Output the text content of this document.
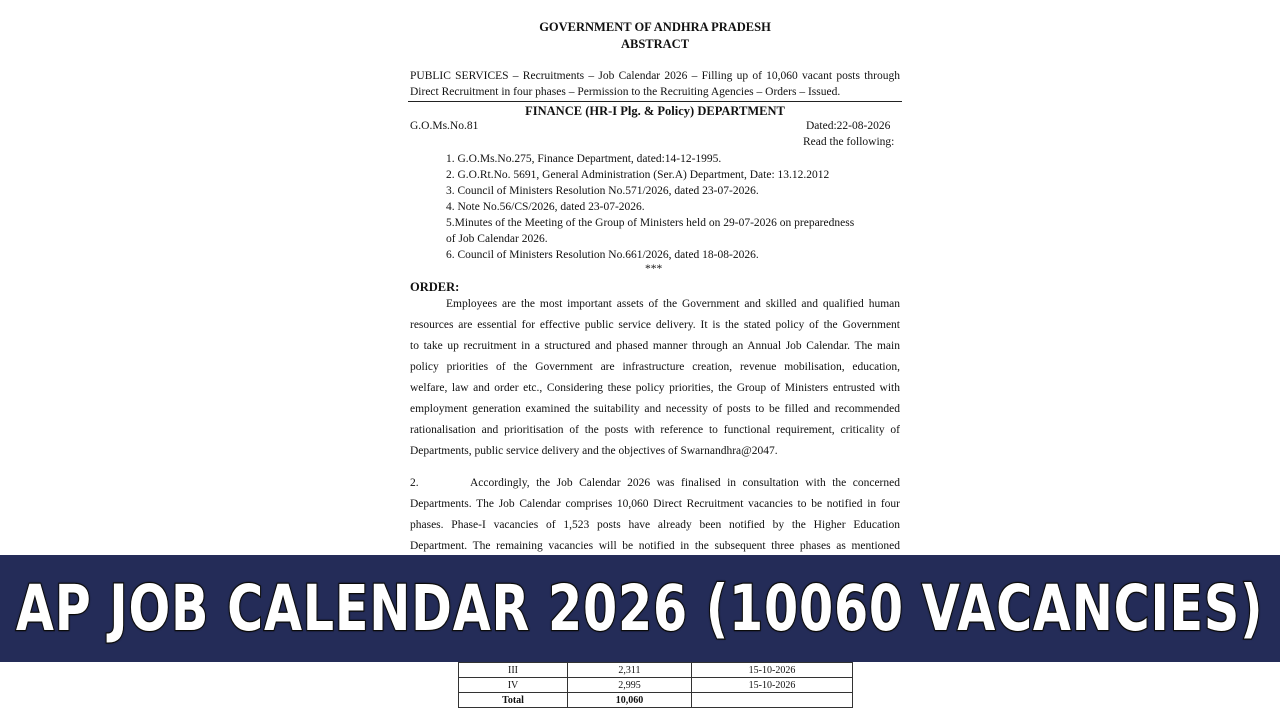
GOVERNMENT OF ANDHRA PRADESH
ABSTRACT
PUBLIC SERVICES – Recruitments – Job Calendar 2026 – Filling up of 10,060 vacant posts through
Direct Recruitment in four phases – Permission to the Recruiting Agencies – Orders – Issued.
FINANCE (HR-I Plg. & Policy) DEPARTMENT
G.O.Ms.No.81	Dated:22-08-2026
Read the following:
1. G.O.Ms.No.275, Finance Department, dated:14-12-1995.
2. G.O.Rt.No. 5691, General Administration (Ser.A) Department, Date: 13.12.2012
3. Council of Ministers Resolution No.571/2026, dated 23-07-2026.
4. Note No.56/CS/2026, dated 23-07-2026.
5.Minutes of the Meeting of the Group of Ministers held on 29-07-2026 on preparedness
of Job Calendar 2026.
6. Council of Ministers Resolution No.661/2026, dated 18-08-2026.
***
ORDER:
Employees are the most important assets of the Government and skilled and qualified human
resources are essential for effective public service delivery. It is the stated policy of the Government
to take up recruitment in a structured and phased manner through an Annual Job Calendar. The main
policy priorities of the Government are infrastructure creation, revenue mobilisation, education,
welfare, law and order etc., Considering these policy priorities, the Group of Ministers entrusted with
employment generation examined the suitability and necessity of posts to be filled and recommended
rationalisation and prioritisation of the posts with reference to functional requirement, criticality of
Departments, public service delivery and the objectives of Swarnandhra@2047.
2.        Accordingly, the Job Calendar 2026 was finalised in consultation with the concerned
Departments. The Job Calendar comprises 10,060 Direct Recruitment vacancies to be notified in four
phases. Phase-I vacancies of 1,523 posts have already been notified by the Higher Education
Department. The remaining vacancies will be notified in the subsequent three phases as mentioned
III	2,311	15-10-2026
IV	2,995	15-10-2026
Total	10,060	
AP JOB CALENDAR 2026 (10060 VACANCIES)
